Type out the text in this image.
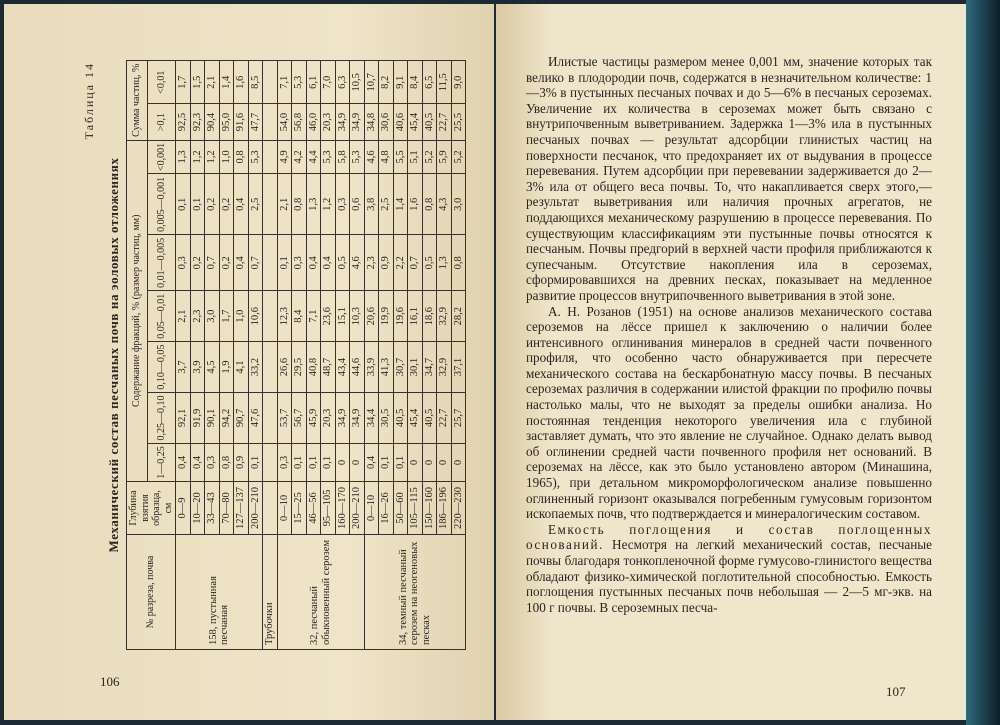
Таблица 14
Механический состав песчаных почв на эоловых отложениях
№ разреза, почва	Глубина взятия образца, см	Содержание фракций, % (размер частиц, мм)							Сумма частиц, %	
		1—0,25	0,25—0,10	0,10—0,05	0,05—0,01	0,01—0,005	0,005—0,001	<0,001	>0,1	<0,01
158, пустынная песчаная	0—9	0,4	92,1	3,7	2,1	0,3	0,1	1,3	92,5	1,7
	10—20	0,4	91,9	3,9	2,3	0,2	0,1	1,2	92,3	1,5
	33—43	0,3	90,1	4,5	3,0	0,7	0,2	1,2	90,4	2,1
	70—80	0,8	94,2	1,9	1,7	0,2	0,2	1,0	95,0	1,4
	127—137	0,9	90,7	4,1	1,0	0,4	0,4	0,8	91,6	1,6
	200—210	0,1	47,6	33,2	10,6	0,7	2,5	5,3	47,7	8,5
Трубочки										
32, песчаный обыкновенный серозем	0—10	0,3	53,7	26,6	12,3	0,1	2,1	4,9	54,0	7,1
	15—25	0,1	56,7	29,5	8,4	0,3	0,8	4,2	56,8	5,3
	46—56	0,1	45,9	40,8	7,1	0,4	1,3	4,4	46,0	6,1
	95—105	0,1	20,3	48,7	23,6	0,4	1,2	5,3	20,3	7,0
	160—170	0	34,9	43,4	15,1	0,5	0,3	5,8	34,9	6,3
	200—210	0	34,9	44,6	10,3	4,6	0,6	5,3	34,9	10,5
34, темный песчаный серозем на неогеновых песках	0—10	0,4	34,4	33,9	20,6	2,3	3,8	4,6	34,8	10,7
	16—26	0,1	30,5	41,3	19,9	0,9	2,5	4,8	30,6	8,2
	50—60	0,1	40,5	30,7	19,6	2,2	1,4	5,5	40,6	9,1
	105—115	0	45,4	30,1	16,1	0,7	1,6	5,1	45,4	8,4
	150—160	0	40,5	34,7	18,6	0,5	0,8	5,2	40,5	6,5
	186—196	0	22,7	32,9	32,9	1,3	4,3	5,9	22,7	11,5
	220—230	0	25,7	37,1	28,2	0,8	3,0	5,2	25,5	9,0
106

Илистые частицы размером менее 0,001 мм, значение которых так велико в плодородии почв, содержатся в незначительном количестве: 1—3% в пустынных песчаных почвах и до 5—6% в песчаных сероземах. Увеличение их количества в сероземах может быть связано с внутрипочвенным выветриванием. Задержка 1—3% ила в пустынных песчаных почвах — результат адсорбции глинистых частиц на поверхности песчанок, что предохраняет их от выдувания в процессе перевевания. Путем адсорбции при перевевании задерживается до 2—3% ила от общего веса почвы. То, что накапливается сверх этого,— результат выветривания или наличия прочных агрегатов, не поддающихся механическому разрушению в процессе перевевания. По существующим классификациям эти пустынные почвы относятся к песчаным. Почвы предгорий в верхней части профиля приближаются к супесчаным. Отсутствие накопления ила в сероземах, сформировавшихся на древних песках, показывает на медленное развитие процессов внутрипочвенного выветривания в этой зоне.

А. Н. Розанов (1951) на основе анализов механического состава сероземов на лёссе пришел к заключению о наличии более интенсивного оглинивания минералов в средней части почвенного профиля, что особенно часто обнаруживается при пересчете механического состава на бескарбонатную массу почвы. В песчаных сероземах различия в содержании илистой фракции по профилю почвы настолько малы, что не выходят за пределы ошибки анализа. Но постоянная тенденция некоторого увеличения ила с глубиной заставляет думать, что это явление не случайное. Однако делать вывод об оглинении средней части почвенного профиля нет оснований. В сероземах на лёссе, как это было установлено автором (Минашина, 1965), при детальном микроморфологическом анализе повышенно оглиненный горизонт оказывался погребенным гумусовым горизонтом ископаемых почв, что подтверждается и минералогическим составом.

Емкость поглощения и состав поглощенных оснований. Несмотря на легкий механический состав, песчаные почвы благодаря тонкопленочной форме гумусово-глинистого вещества обладают физико-химической поглотительной способностью. Емкость поглощения пустынных песчаных почв небольшая — 2—5 мг-экв. на 100 г почвы. В сероземных песча-

107
